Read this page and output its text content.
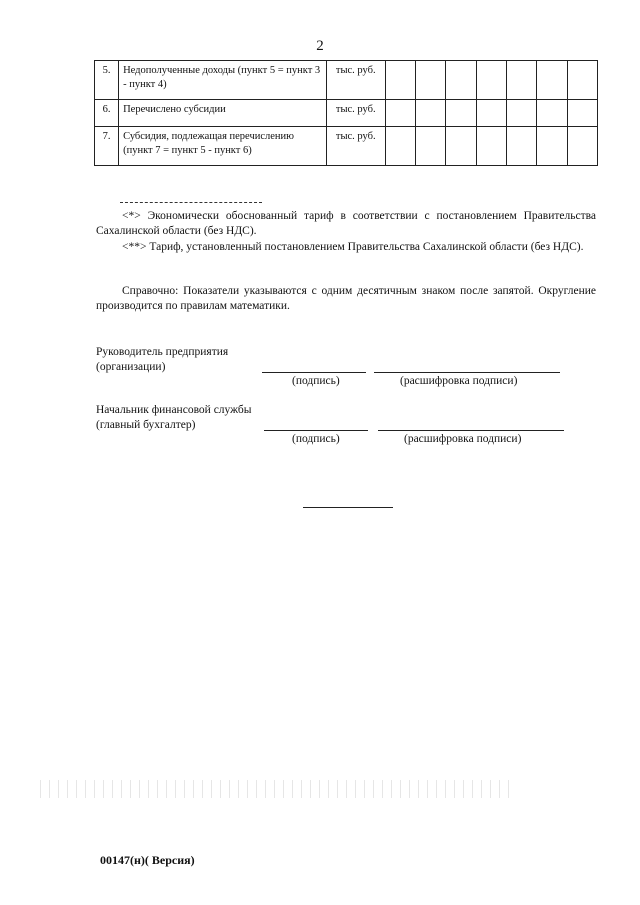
2
5.	Недополученные доходы (пункт 5 = пункт 3 - пункт 4)	тыс. руб.							
6.	Перечислено субсидии	тыс. руб.							
7.	Субсидия, подлежащая перечислению (пункт 7 = пункт 5 - пункт 6)	тыс. руб.							

<*> Экономически обоснованный тариф в соответствии с постановлением Правительства Сахалинской области (без НДС).

<**> Тариф, установленный постановлением Правительства Сахалинской области (без НДС).

Справочно: Показатели указываются с одним десятичным знаком после запятой. Округление производится по правилам математики.

Руководитель предприятия
(организации)
(подпись)	(расшифровка подписи)
Начальник финансовой службы
(главный бухгалтер)
(подпись)	(расшифровка подписи)
00147(н)( Версия)
